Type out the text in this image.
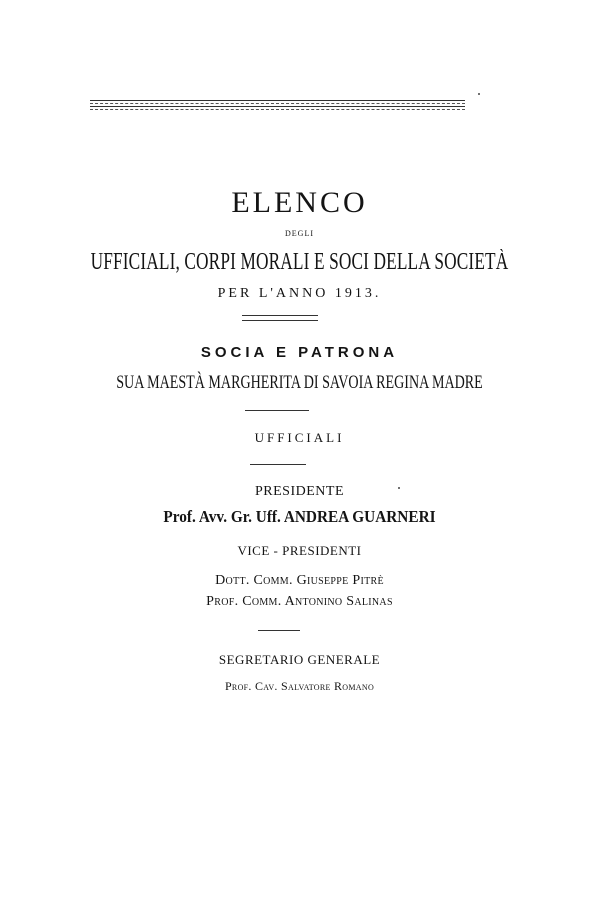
ELENCO
DEGLI
UFFICIALI, CORPI MORALI E SOCI DELLA SOCIETÀ
PER L'ANNO 1913.
SOCIA E PATRONA
SUA MAESTÀ MARGHERITA DI SAVOIA REGINA MADRE
UFFICIALI
PRESIDENTE
Prof. Avv. Gr. Uff. ANDREA GUARNERI
VICE - PRESIDENTI
Dott. Comm. Giuseppe Pitrè
Prof. Comm. Antonino Salinas
SEGRETARIO GENERALE
Prof. Cav. Salvatore Romano
